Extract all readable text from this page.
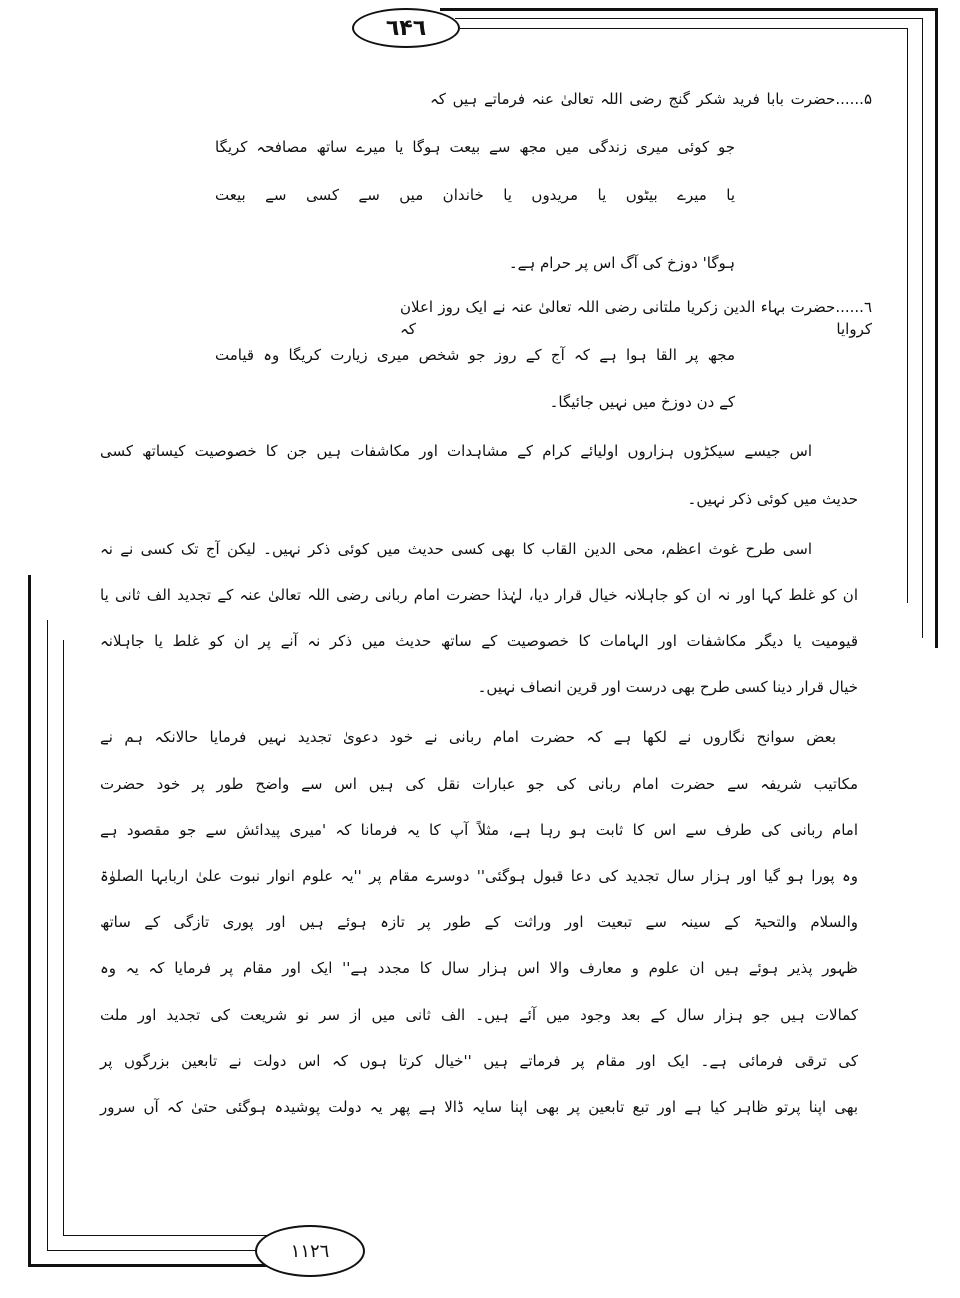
٦۴٦
۱۱۲٦
۵......حضرت بابا فرید شکر گنج رضی اللہ تعالیٰ عنہ فرماتے ہیں کہ
جو کوئی میری زندگی میں مجھ سے بیعت ہوگا یا میرے ساتھ مصافحہ کریگا
یا میرے بیٹوں یا مریدوں یا خاندان میں سے کسی سے بیعت
ہوگا' دوزخ کی آگ اس پر حرام ہے۔
٦......حضرت بہاء الدین زکریا ملتانی رضی اللہ تعالیٰ عنہ نے ایک روز اعلان کروایا کہ
مجھ پر القا ہوا ہے کہ آج کے روز جو شخص میری زیارت کریگا وہ قیامت
کے دن دوزخ میں نہیں جائیگا۔
اس جیسے سیکڑوں ہزاروں اولیائے کرام کے مشاہدات اور مکاشفات ہیں جن کا خصوصیت کیساتھ کسی
حدیث میں کوئی ذکر نہیں۔
اسی طرح غوث اعظم، محی الدین القاب کا بھی کسی حدیث میں کوئی ذکر نہیں۔ لیکن آج تک کسی نے نہ
ان کو غلط کہا اور نہ ان کو جاہلانہ خیال قرار دیا، لہٰذا حضرت امام ربانی رضی اللہ تعالیٰ عنہ کے تجدید الف ثانی یا
قیومیت یا دیگر مکاشفات اور الہامات کا خصوصیت کے ساتھ حدیث میں ذکر نہ آنے پر ان کو غلط یا جاہلانہ
خیال قرار دینا کسی طرح بھی درست اور قرین انصاف نہیں۔
بعض سوانح نگاروں نے لکھا ہے کہ حضرت امام ربانی نے خود دعویٰ تجدید نہیں فرمایا حالانکہ ہم نے
مکاتیب شریفہ سے حضرت امام ربانی کی جو عبارات نقل کی ہیں اس سے واضح طور پر خود حضرت
امام ربانی کی طرف سے اس کا ثابت ہو رہا ہے، مثلاً آپ کا یہ فرمانا کہ 'میری پیدائش سے جو مقصود ہے
وہ پورا ہو گیا اور ہزار سال تجدید کی دعا قبول ہوگئی'' دوسرے مقام پر ''یہ علوم انوار نبوت علیٰ اربابہا الصلوٰۃ
والسلام والتحیۃ کے سینہ سے تبعیت اور وراثت کے طور پر تازہ ہوئے ہیں اور پوری تازگی کے ساتھ
ظہور پذیر ہوئے ہیں ان علوم و معارف والا اس ہزار سال کا مجدد ہے'' ایک اور مقام پر فرمایا کہ یہ وہ
کمالات ہیں جو ہزار سال کے بعد وجود میں آئے ہیں۔ الف ثانی میں از سر نو شریعت کی تجدید اور ملت
کی ترقی فرمائی ہے۔ ایک اور مقام پر فرماتے ہیں ''خیال کرتا ہوں کہ اس دولت نے تابعین بزرگوں پر
بھی اپنا پرتو ظاہر کیا ہے اور تبع تابعین پر بھی اپنا سایہ ڈالا ہے پھر یہ دولت پوشیدہ ہوگئی حتیٰ کہ آں سرور
